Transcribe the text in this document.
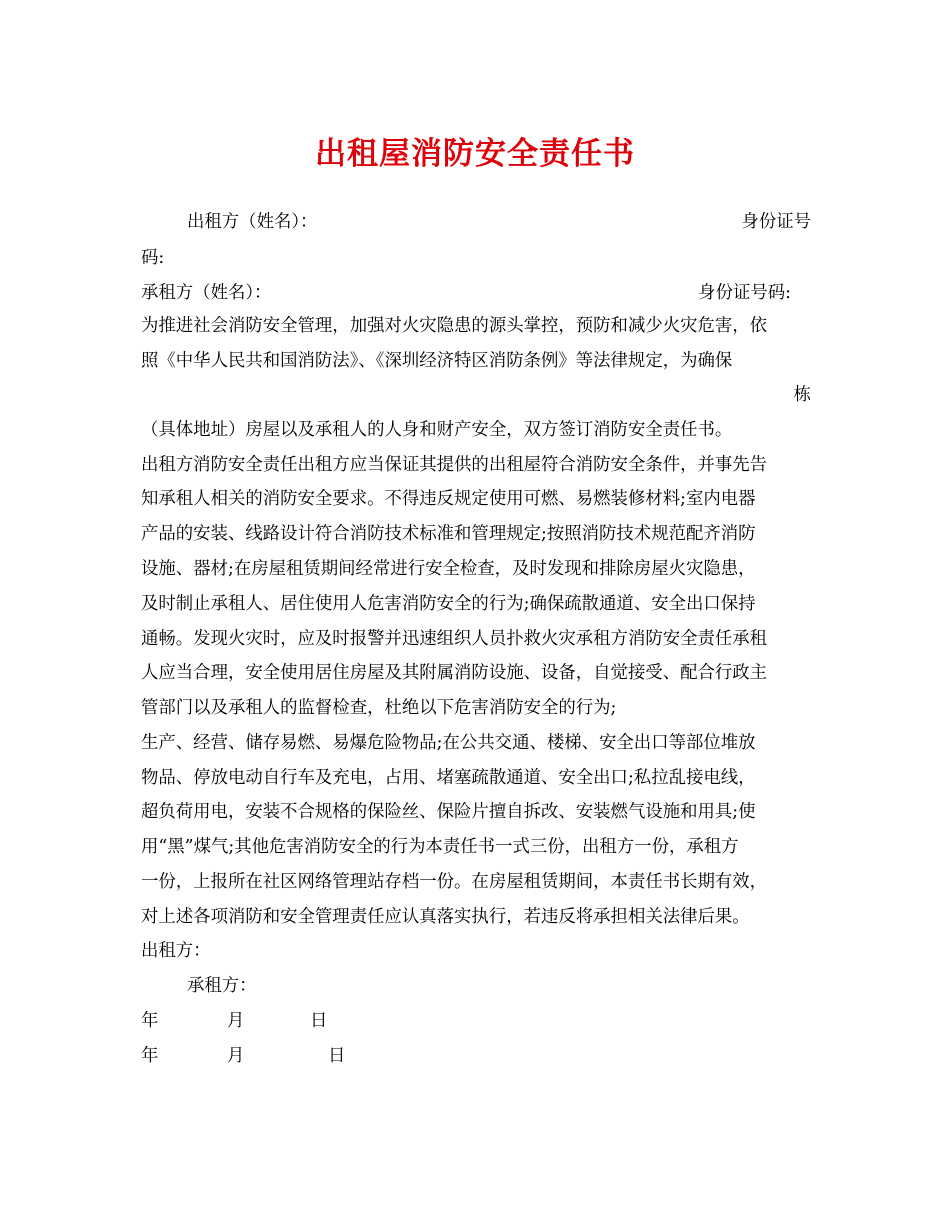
出租屋消防安全责任书
出租方（姓名）：	身份证号
码:
承租方（姓名）：	身份证号码:
为推进社会消防安全管理，加强对火灾隐患的源头掌控，预防和减少火灾危害，依
照《中华人民共和国消防法》、《深圳经济特区消防条例》等法律规定，为确保
栋
（具体地址）房屋以及承租人的人身和财产安全，双方签订消防安全责任书。
出租方消防安全责任出租方应当保证其提供的出租屋符合消防安全条件，并事先告
知承租人相关的消防安全要求。不得违反规定使用可燃、易燃装修材料;室内电器
产品的安装、线路设计符合消防技术标准和管理规定;按照消防技术规范配齐消防
设施、器材;在房屋租赁期间经常进行安全检查，及时发现和排除房屋火灾隐患，
及时制止承租人、居住使用人危害消防安全的行为;确保疏散通道、安全出口保持
通畅。发现火灾时，应及时报警并迅速组织人员扑救火灾承租方消防安全责任承租
人应当合理，安全使用居住房屋及其附属消防设施、设备，自觉接受、配合行政主
管部门以及承租人的监督检查，杜绝以下危害消防安全的行为;
生产、经营、储存易燃、易爆危险物品;在公共交通、楼梯、安全出口等部位堆放
物品、停放电动自行车及充电，占用、堵塞疏散通道、安全出口;私拉乱接电线，
超负荷用电，安装不合规格的保险丝、保险片擅自拆改、安装燃气设施和用具;使
用“黑”煤气;其他危害消防安全的行为本责任书一式三份，出租方一份，承租方
一份，上报所在社区网络管理站存档一份。在房屋租赁期间，本责任书长期有效，
对上述各项消防和安全管理责任应认真落实执行，若违反将承担相关法律后果。
出租方：
承租方：
年	月	日
年	月	日
